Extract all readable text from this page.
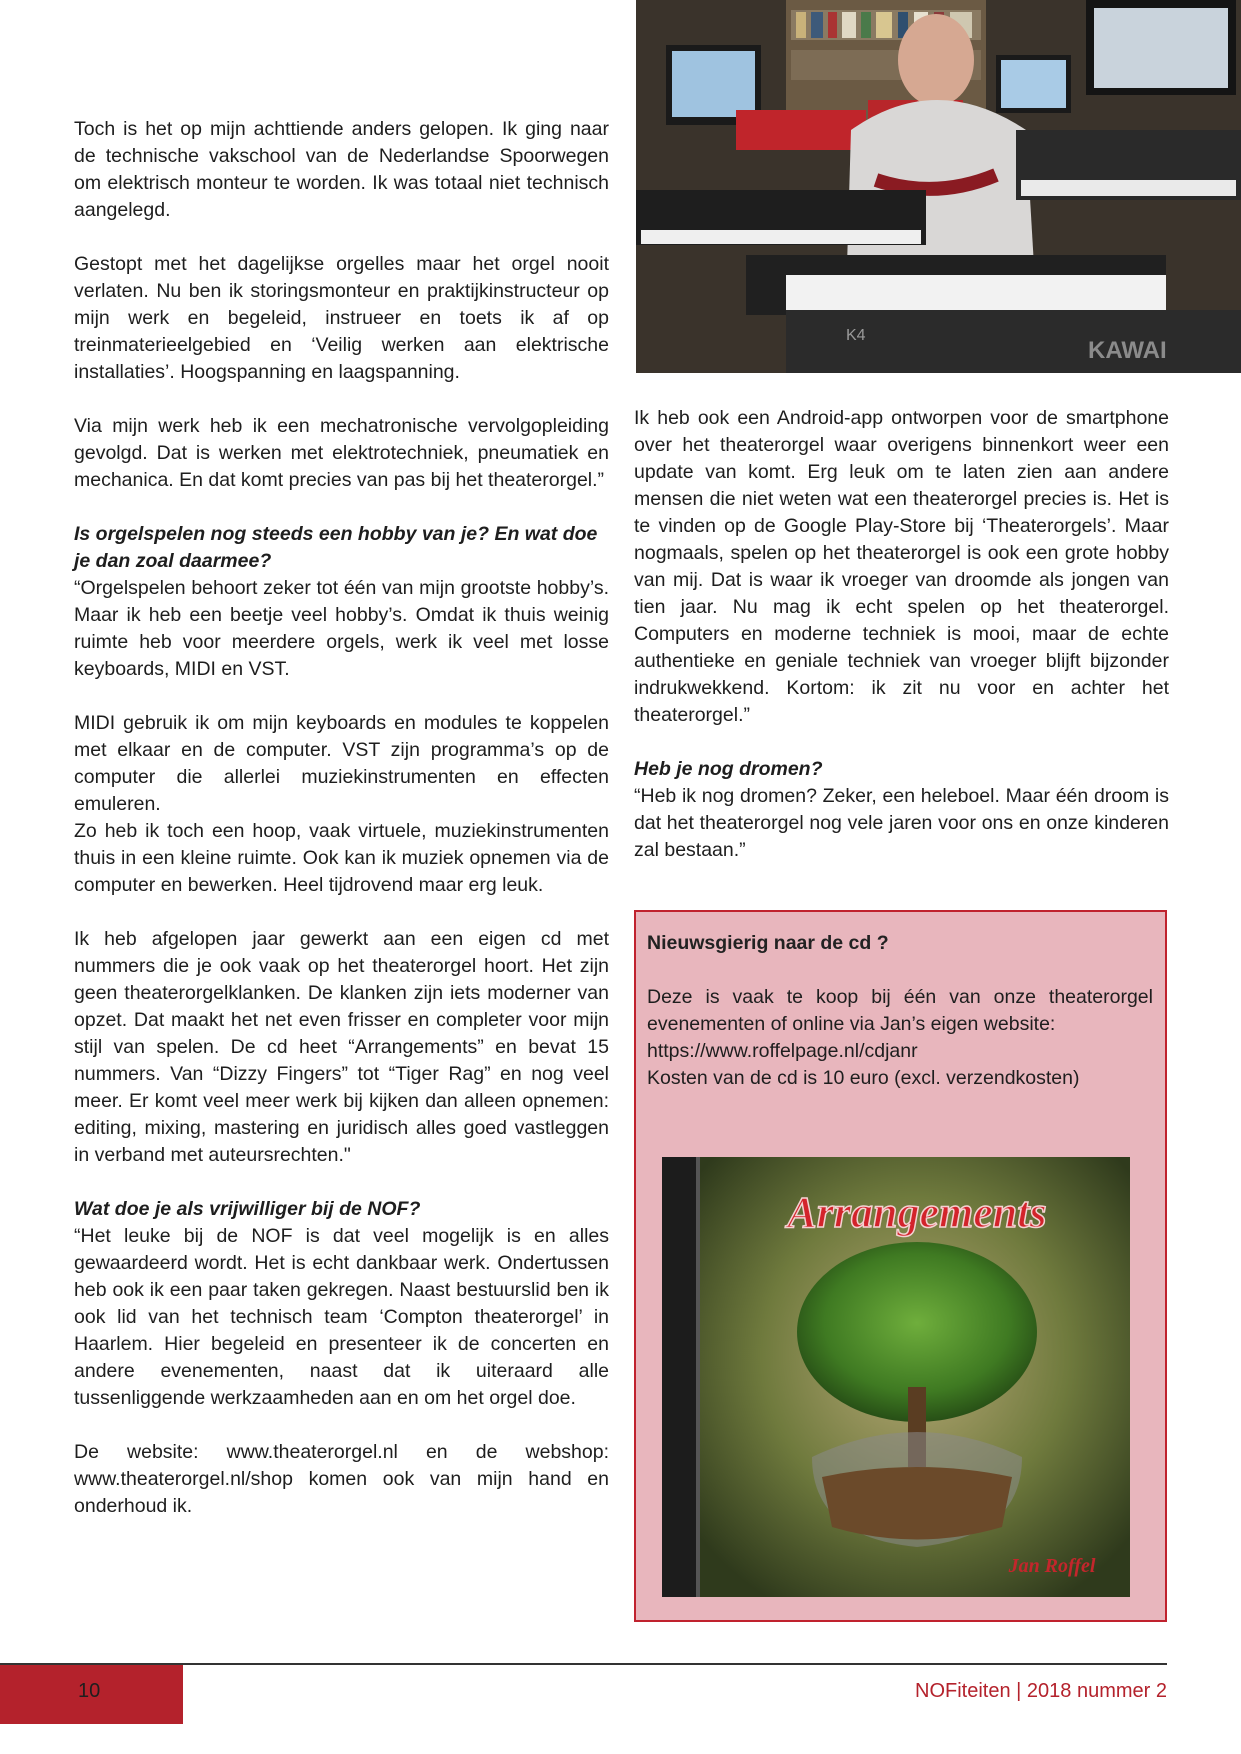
Toch is het op mijn achttiende anders gelopen. Ik ging naar de technische vakschool van de Nederlandse Spoorwegen om elektrisch monteur te worden. Ik was totaal niet technisch aangelegd.

Gestopt met het dagelijkse orgelles maar het orgel nooit verlaten. Nu ben ik storingsmonteur en praktijkinstructeur op mijn werk en begeleid, instrueer en toets ik af op treinmaterieelgebied en ‘Veilig werken aan elektrische installaties’. Hoogspanning en laagspanning.

Via mijn werk heb ik een mechatronische vervolgopleiding gevolgd. Dat is werken met elektrotechniek, pneumatiek en mechanica. En dat komt precies van pas bij het theaterorgel.”

Is orgelspelen nog steeds een hobby van je? En wat doe je dan zoal daarmee?

“Orgelspelen behoort zeker tot één van mijn grootste hobby’s. Maar ik heb een beetje veel hobby’s. Omdat ik thuis weinig ruimte heb voor meerdere orgels, werk ik veel met losse keyboards, MIDI en VST.

MIDI gebruik ik om mijn keyboards en modules te koppelen met elkaar en de computer. VST zijn programma’s op de computer die allerlei muziekinstrumenten en effecten emuleren.

Zo heb ik toch een hoop, vaak virtuele, muziekinstrumenten thuis in een kleine ruimte. Ook kan ik muziek opnemen via de computer en bewerken. Heel tijdrovend maar erg leuk.

Ik heb afgelopen jaar gewerkt aan een eigen cd met nummers die je ook vaak op het theaterorgel hoort. Het zijn geen theaterorgelklanken. De klanken zijn iets moderner van opzet. Dat maakt het net even frisser en completer voor mijn stijl van spelen. De cd heet “Arrangements” en bevat 15 nummers. Van “Dizzy Fingers” tot “Tiger Rag” en nog veel meer. Er komt veel meer werk bij kijken dan alleen opnemen: editing, mixing, mastering en juridisch alles goed vastleggen in verband met auteursrechten."

Wat doe je als vrijwilliger bij de NOF?

“Het leuke bij de NOF is dat veel mogelijk is en alles gewaardeerd wordt. Het is echt dankbaar werk. Ondertussen heb ook ik een paar taken gekregen. Naast bestuurslid ben ik ook lid van het technisch team ‘Compton theaterorgel’ in Haarlem. Hier begeleid en presenteer ik de concerten en andere evenementen, naast dat ik uiteraard alle tussenliggende werkzaamheden aan en om het orgel doe.

De website: www.theaterorgel.nl en de webshop: www.theaterorgel.nl/shop komen ook van mijn hand en onderhoud ik.

KAWAI
K4

Ik heb ook een Android-app ontworpen voor de smartphone over het theaterorgel waar overigens binnenkort weer een update van komt. Erg leuk om te laten zien aan andere mensen die niet weten wat een theaterorgel precies is. Het is te vinden op de Google Play-Store bij ‘Theaterorgels’. Maar nogmaals, spelen op het theaterorgel is ook een grote hobby van mij. Dat is waar ik vroeger van droomde als jongen van tien jaar. Nu mag ik echt spelen op het theaterorgel. Computers en moderne techniek is mooi, maar de echte authentieke en geniale techniek van vroeger blijft bijzonder indrukwekkend. Kortom: ik zit nu voor en achter het theaterorgel.”

Heb je nog dromen?

“Heb ik nog dromen? Zeker, een heleboel. Maar één droom is dat het theaterorgel nog vele jaren voor ons en onze kinderen zal bestaan.”

Nieuwsgierig naar de cd ?

Deze is vaak te koop bij één van onze theaterorgel evenementen of online via Jan’s eigen website:

https://www.roffelpage.nl/cdjanr

Kosten van de cd is 10 euro (excl. verzendkosten)

Arrangements
Jan Roffel
10	NOFiteiten | 2018 nummer 2
